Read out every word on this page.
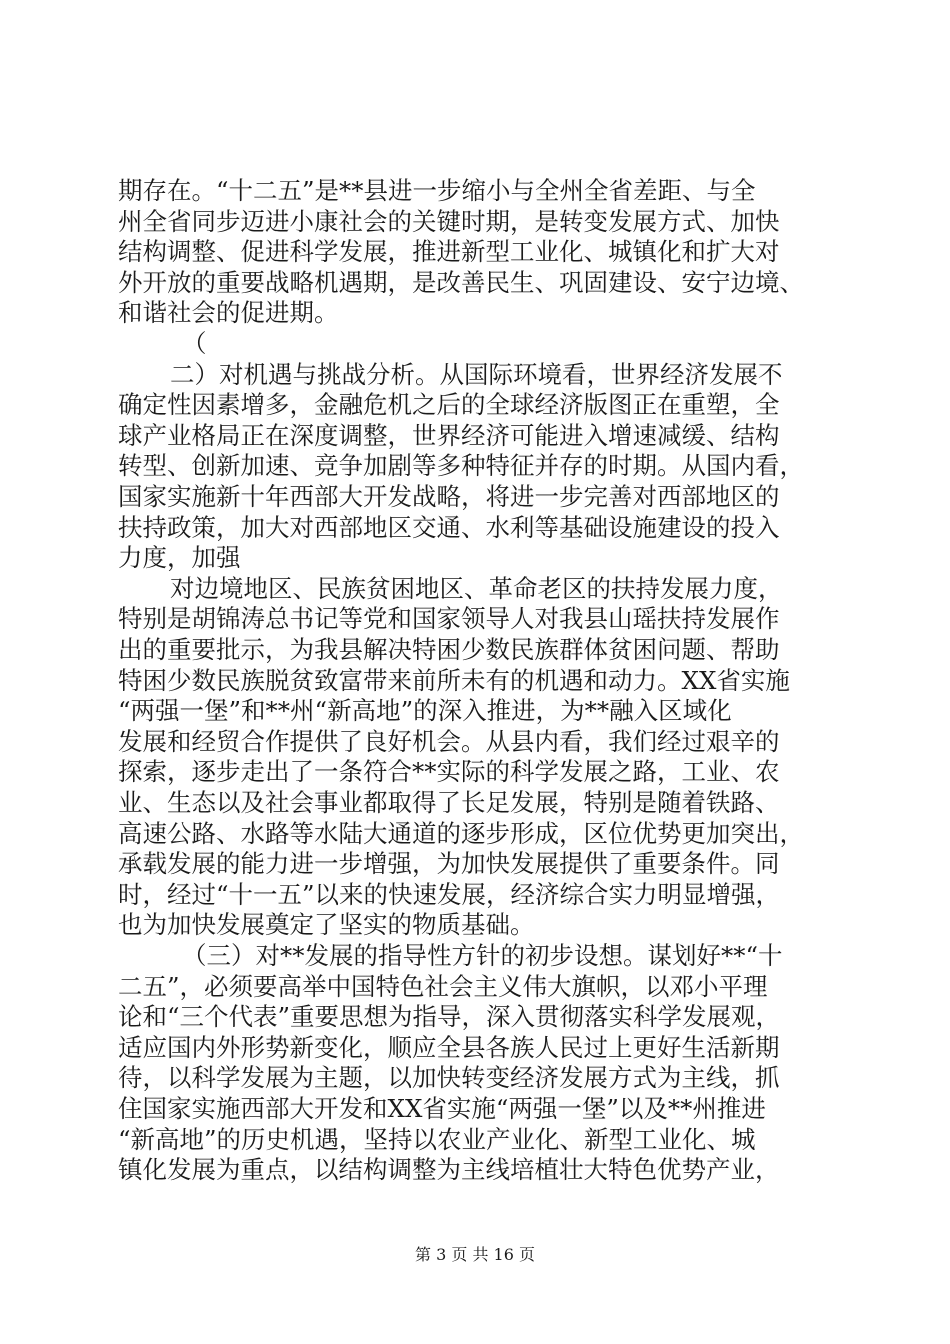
期存在。“十二五”是**县进一步缩小与全州全省差距、与全
州全省同步迈进小康社会的关键时期，是转变发展方式、加快
结构调整、促进科学发展，推进新型工业化、城镇化和扩大对
外开放的重要战略机遇期，是改善民生、巩固建设、安宁边境、
和谐社会的促进期。
（
二）对机遇与挑战分析。从国际环境看，世界经济发展不
确定性因素增多，金融危机之后的全球经济版图正在重塑，全
球产业格局正在深度调整，世界经济可能进入增速减缓、结构
转型、创新加速、竞争加剧等多种特征并存的时期。从国内看，
国家实施新十年西部大开发战略，将进一步完善对西部地区的
扶持政策，加大对西部地区交通、水利等基础设施建设的投入
力度，加强
对边境地区、民族贫困地区、革命老区的扶持发展力度，
特别是胡锦涛总书记等党和国家领导人对我县山瑶扶持发展作
出的重要批示，为我县解决特困少数民族群体贫困问题、帮助
特困少数民族脱贫致富带来前所未有的机遇和动力。XX省实施
“两强一堡”和**州“新高地”的深入推进，为**融入区域化
发展和经贸合作提供了良好机会。从县内看，我们经过艰辛的
探索，逐步走出了一条符合**实际的科学发展之路，工业、农
业、生态以及社会事业都取得了长足发展，特别是随着铁路、
高速公路、水路等水陆大通道的逐步形成，区位优势更加突出，
承载发展的能力进一步增强，为加快发展提供了重要条件。同
时，经过“十一五”以来的快速发展，经济综合实力明显增强，
也为加快发展奠定了坚实的物质基础。
（三）对**发展的指导性方针的初步设想。谋划好**“十
二五”，必须要高举中国特色社会主义伟大旗帜，以邓小平理
论和“三个代表”重要思想为指导，深入贯彻落实科学发展观，
适应国内外形势新变化，顺应全县各族人民过上更好生活新期
待，以科学发展为主题，以加快转变经济发展方式为主线，抓
住国家实施西部大开发和XX省实施“两强一堡”以及**州推进
第 3 页 共 16 页
“新高地”的历史机遇，坚持以农业产业化、新型工业化、城
镇化发展为重点，以结构调整为主线培植壮大特色优势产业，
